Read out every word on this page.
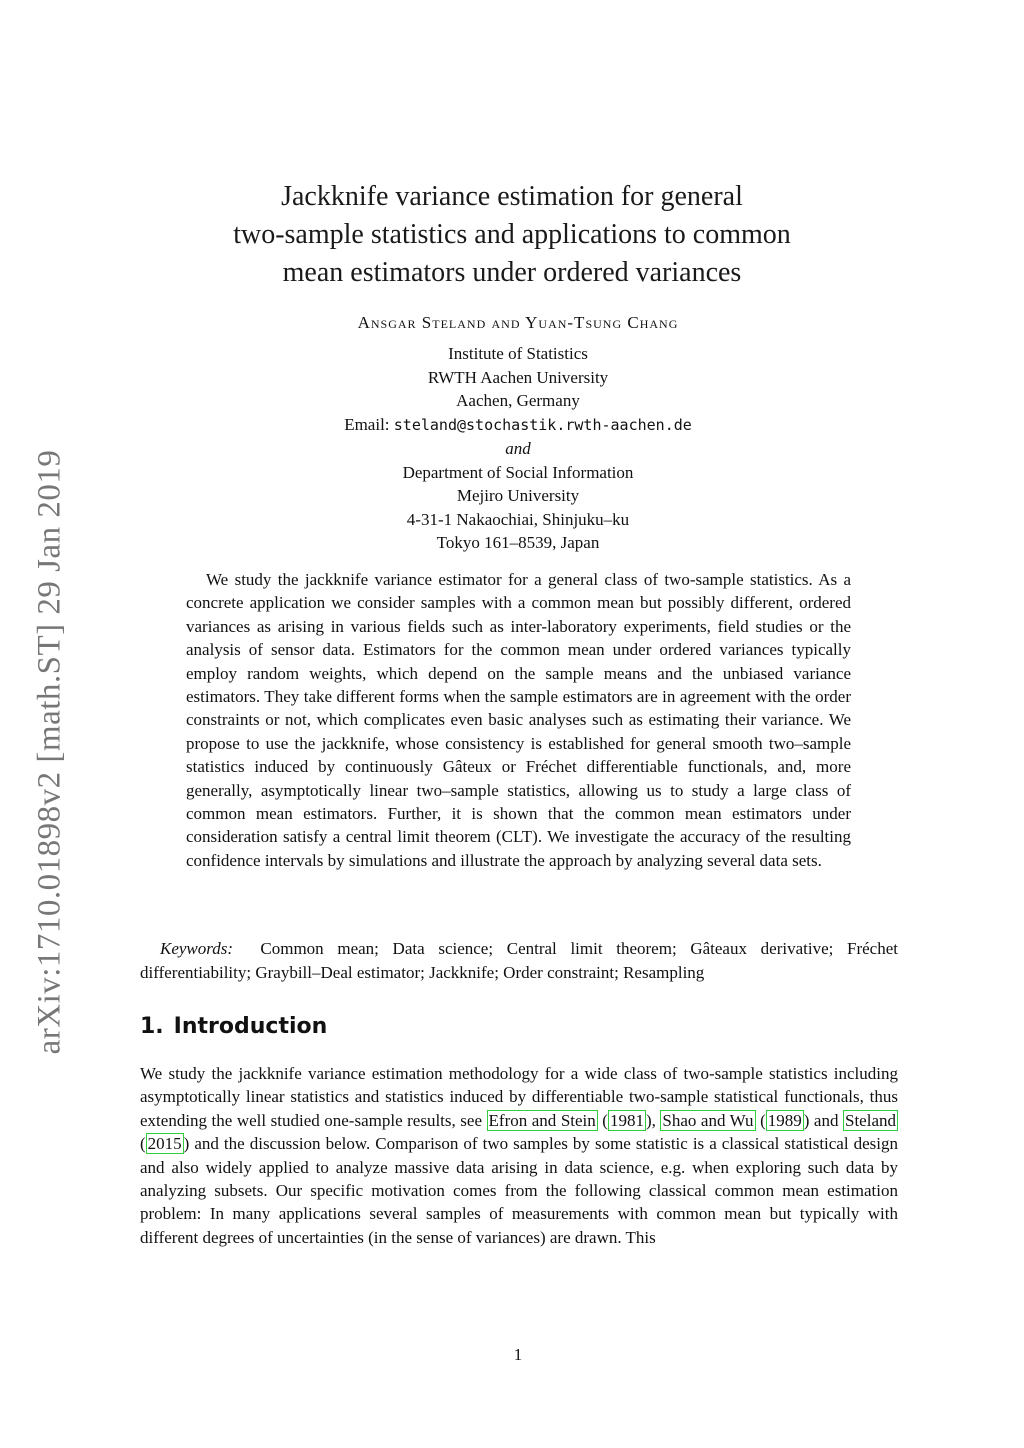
arXiv:1710.01898v2 [math.ST] 29 Jan 2019
Jackknife variance estimation for general
two-sample statistics and applications to common
mean estimators under ordered variances
Ansgar Steland and Yuan-Tsung Chang
Institute of Statistics
RWTH Aachen University
Aachen, Germany
Email: steland@stochastik.rwth-aachen.de
and
Department of Social Information
Mejiro University
4-31-1 Nakaochiai, Shinjuku–ku
Tokyo 161–8539, Japan

We study the jackknife variance estimator for a general class of two-sample statistics. As a concrete application we consider samples with a common mean but possibly different, ordered variances as arising in various fields such as inter-laboratory experiments, field studies or the analysis of sensor data. Estimators for the common mean under ordered variances typically employ random weights, which depend on the sample means and the unbiased variance estimators. They take different forms when the sample estimators are in agreement with the order constraints or not, which complicates even basic analyses such as estimating their variance. We propose to use the jackknife, whose consistency is established for general smooth two–sample statistics induced by continuously Gâteux or Fréchet differentiable functionals, and, more generally, asymptotically linear two–sample statistics, allowing us to study a large class of common mean estimators. Further, it is shown that the common mean estimators under consideration satisfy a central limit theorem (CLT). We investigate the accuracy of the resulting confidence intervals by simulations and illustrate the approach by analyzing several data sets.

Keywords: Common mean; Data science; Central limit theorem; Gâteaux derivative; Fréchet differentiability; Graybill–Deal estimator; Jackknife; Order constraint; Resampling

1. Introduction

We study the jackknife variance estimation methodology for a wide class of two-sample statistics including asymptotically linear statistics and statistics induced by differentiable two-sample statistical functionals, thus extending the well studied one-sample results, see Efron and Stein ( 1981 ), Shao and Wu ( 1989 ) and Steland ( 2015 ) and the discussion below. Comparison of two samples by some statistic is a classical statistical design and also widely applied to analyze massive data arising in data science, e.g. when exploring such data by analyzing subsets. Our specific motivation comes from the following classical common mean estimation problem: In many applications several samples of measurements with common mean but typically with different degrees of uncertainties (in the sense of variances) are drawn. This

1
